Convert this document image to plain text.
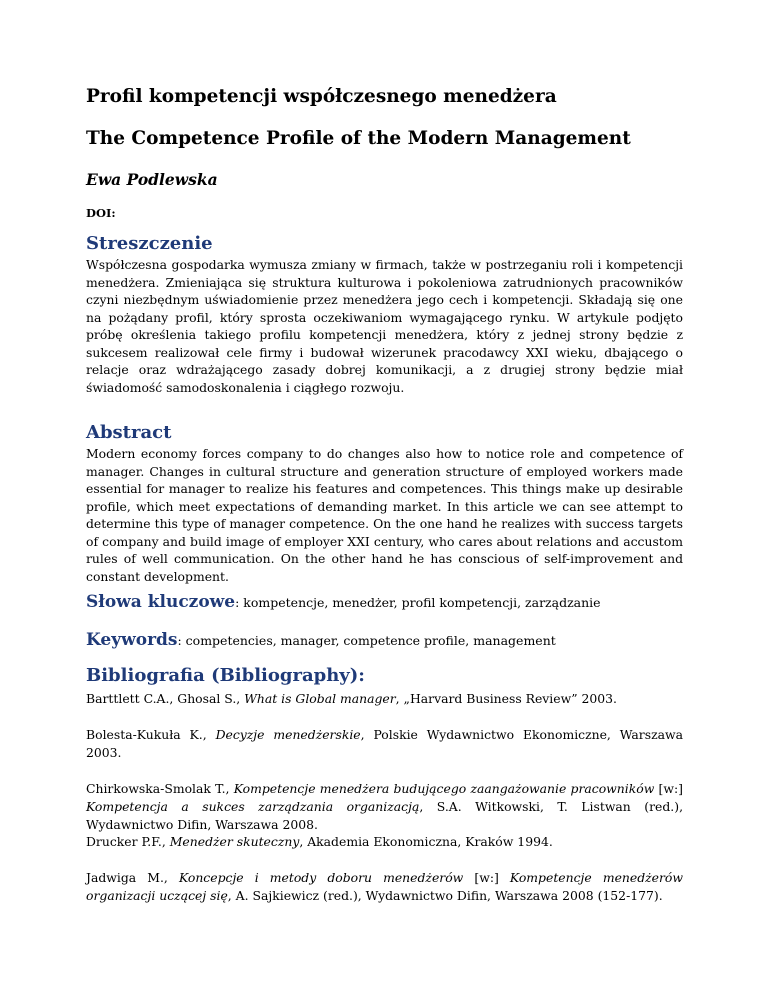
Profil kompetencji współczesnego menedżera
The Competence Profile of the Modern Management

Ewa Podlewska

DOI:

Streszczenie

Współczesna gospodarka wymusza zmiany w firmach, także w postrzeganiu roli i kompetencji menedżera. Zmieniająca się struktura kulturowa i pokoleniowa zatrudnionych pracowników czyni niezbędnym uświadomienie przez menedżera jego cech i kompetencji. Składają się one na pożądany profil, który sprosta oczekiwaniom wymagającego rynku. W artykule podjęto próbę określenia takiego profilu kompetencji menedżera, który z jednej strony będzie z sukcesem realizował cele firmy i budował wizerunek pracodawcy XXI wieku, dbającego o relacje oraz wdrażającego zasady dobrej komunikacji, a z drugiej strony będzie miał świadomość samodoskonalenia i ciągłego rozwoju.

Abstract

Modern economy forces company to do changes also how to notice role and competence of manager. Changes in cultural structure and generation structure of employed workers made essential for manager to realize his features and competences. This things make up desirable profile, which meet expectations of demanding market. In this article we can see attempt to determine this type of manager competence. On the one hand he realizes with success targets of company and build image of employer XXI century, who cares about relations and accustom rules of well communication. On the other hand he has conscious of self-improvement and constant development.

Słowa kluczowe: kompetencje, menedżer, profil kompetencji, zarządzanie

Keywords: competencies, manager, competence profile, management

Bibliografia (Bibliography):

Barttlett C.A., Ghosal S., What is Global manager, „Harvard Business Review” 2003.

Bolesta-Kukuła K., Decyzje menedżerskie, Polskie Wydawnictwo Ekonomiczne, Warszawa 2003.

Chirkowska-Smolak T., Kompetencje menedżera budującego zaangażowanie pracowników [w:] Kompetencja a sukces zarządzania organizacją, S.A. Witkowski, T. Listwan (red.), Wydawnictwo Difin, Warszawa 2008.

Drucker P.F., Menedżer skuteczny, Akademia Ekonomiczna, Kraków 1994.

Jadwiga M., Koncepcje i metody doboru menedżerów [w:] Kompetencje menedżerów organizacji uczącej się, A. Sajkiewicz (red.), Wydawnictwo Difin, Warszawa 2008 (152-177).
